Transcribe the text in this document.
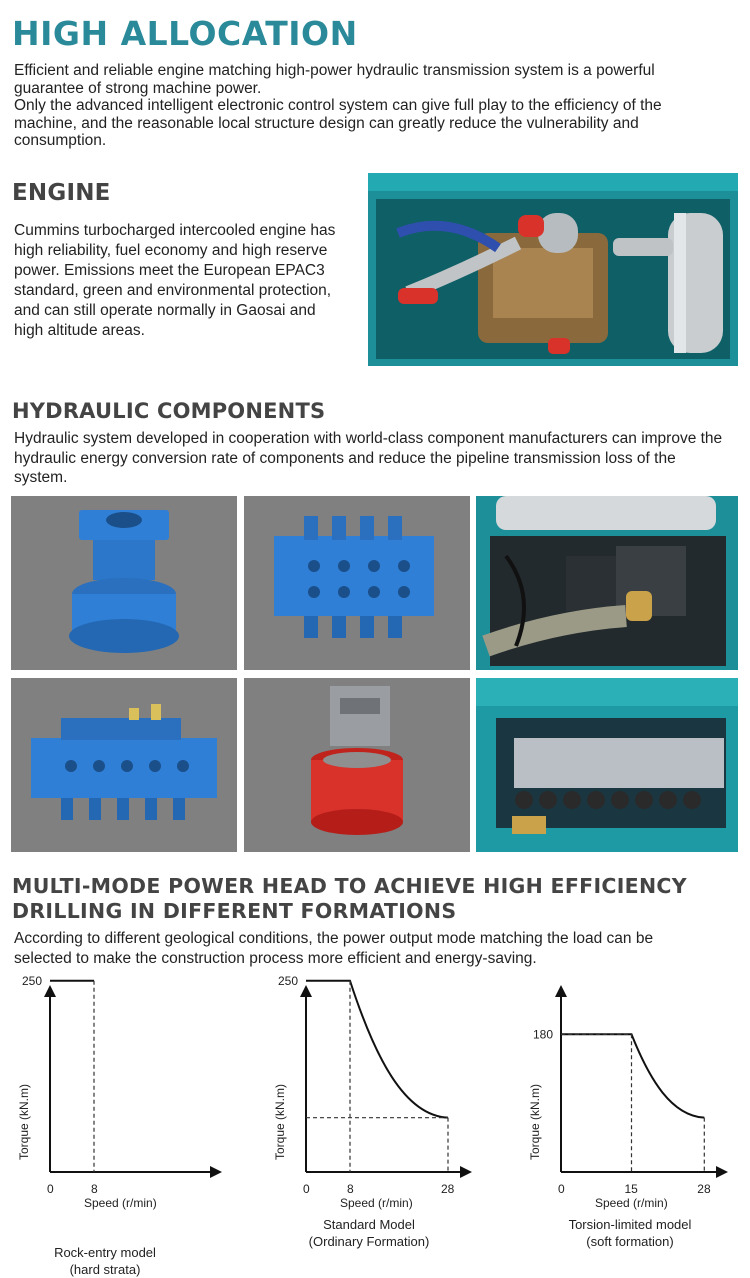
HIGH ALLOCATION
Efficient and reliable engine matching high-power hydraulic transmission system is a powerful guarantee of strong machine power.
Only the advanced intelligent electronic control system can give full play to the efficiency of the machine, and the reasonable local structure design can greatly reduce the vulnerability and consumption.
ENGINE
Cummins turbocharged intercooled engine has high reliability, fuel economy and high reserve power. Emissions meet the European EPAC3 standard, green and environmental protection, and can still operate normally in Gaosai and high altitude areas.
HYDRAULIC COMPONENTS
Hydraulic system developed in cooperation with world-class component manufacturers can improve the hydraulic energy conversion rate of components and reduce the pipeline transmission loss of the system.
MULTI-MODE POWER HEAD TO ACHIEVE HIGH EFFICIENCY
DRILLING IN DIFFERENT FORMATIONS
According to different geological conditions, the power output mode matching the load can be selected to make the construction process more efficient and energy-saving.
250
0	8
Speed (r/min)
Torque (kN.m)
250
0	8	28
Speed (r/min)
Torque (kN.m)
180
0	15	28
Speed (r/min)
Torque (kN.m)
Rock-entry model
(hard strata)
Standard Model
(Ordinary Formation)
Torsion-limited model
(soft formation)
